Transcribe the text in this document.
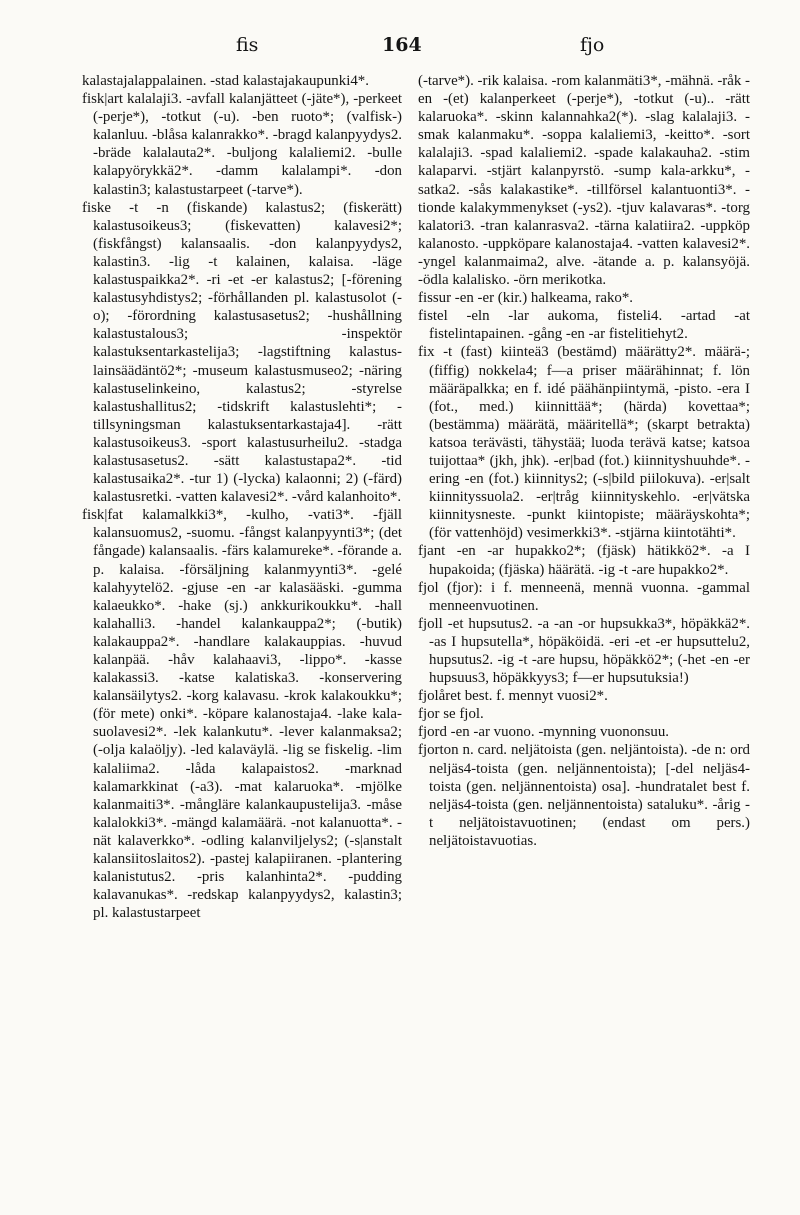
fis	164	fjo

kalastajalappalainen. -stad kalastajakaupunki4*.

fisk|art kalalaji3. -avfall kalanjätteet (-jäte*), -perkeet (-perje*), -totkut (-u). -ben ruoto*; (valfisk-) kalanluu. -blåsa kalanrakko*. -bragd kalanpyydys2. -bräde kalalauta2*. -buljong kalaliemi2. -bulle kalapyörykkä2*. -damm kalalampi*. -don kalastin3; kalastustarpeet (-tarve*).

fiske -t -n (fiskande) kalastus2; (fiskerätt) kalastusoikeus3; (fiskevatten) kalavesi2*; (fiskfångst) kalansaalis. -don kalanpyydys2, kalastin3. -lig -t kalainen, kalaisa. -läge kalastuspaikka2*. -ri -et -er kalastus2; [-förening kalastusyhdistys2; -förhållanden pl. kalastusolot (-o); -förordning kalastusasetus2; -hushållning kalastustalous3; -inspektör kalastuksentarkastelija3; -lagstiftning kalastus-lainsäädäntö2*; -museum kalastusmuseo2; -näring kalastuselinkeino, kalastus2; -styrelse kalastushallitus2; -tidskrift kalastuslehti*; -tillsyningsman kalastuksentarkastaja4]. -rätt kalastusoikeus3. -sport kalastusurheilu2. -stadga kalastusasetus2. -sätt kalastustapa2*. -tid kalastusaika2*. -tur 1) (-lycka) kalaonni; 2) (-färd) kalastusretki. -vatten kalavesi2*. -vård kalanhoito*.

fisk|fat kalamalkki3*, -kulho, -vati3*. -fjäll kalansuomus2, -suomu. -fångst kalanpyynti3*; (det fångade) kalansaalis. -färs kalamureke*. -förande a. p. kalaisa. -försäljning kalanmyynti3*. -gelé kalahyytelö2. -gjuse -en -ar kalasääski. -gumma kalaeukko*. -hake (sj.) ankkurikoukku*. -hall kalahalli3. -handel kalankauppa2*; (-butik) kalakauppa2*. -handlare kalakauppias. -huvud kalanpää. -håv kalahaavi3, -lippo*. -kasse kalakassi3. -katse kalatiska3. -konservering kalansäilytys2. -korg kalavasu. -krok kalakoukku*; (för mete) onki*. -köpare kalanostaja4. -lake kala-suolavesi2*. -lek kalankutu*. -lever kalanmaksa2; (-olja kalaöljy). -led kalaväylä. -lig se fiskelig. -lim kalaliima2. -låda kalapaistos2. -marknad kalamarkkinat (-a3). -mat kalaruoka*. -mjölke kalanmaiti3*. -mångläre kalankaupustelija3. -måse kalalokki3*. -mängd kalamäärä. -not kalanuotta*. -nät kalaverkko*. -odling kalanviljelys2; (-s|anstalt kalansiitoslaitos2). -pastej kalapiiranen. -plantering kalanistutus2. -pris kalanhinta2*. -pudding kalavanukas*. -redskap kalanpyydys2, kalastin3; pl. kalastustarpeet

(-tarve*). -rik kalaisa. -rom kalanmäti3*, -mähnä. -råk -en -(et) kalanperkeet (-perje*), -totkut (-u).. -rätt kalaruoka*. -skinn kalannahka2(*). -slag kalalaji3. -smak kalanmaku*. -soppa kalaliemi3, -keitto*. -sort kalalaji3. -spad kalaliemi2. -spade kalakauha2. -stim kalaparvi. -stjärt kalanpyrstö. -sump kala-arkku*, -satka2. -sås kalakastike*. -tillförsel kalantuonti3*. -tionde kalakymmenykset (-ys2). -tjuv kalavaras*. -torg kalatori3. -tran kalanrasva2. -tärna kalatiira2. -uppköp kalanosto. -uppköpare kalanostaja4. -vatten kalavesi2*. -yngel kalanmaima2, alve. -ätande a. p. kalansyöjä. -ödla kalalisko. -örn merikotka.

fissur -en -er (kir.) halkeama, rako*.

fistel -eln -lar aukoma, fisteli4. -artad -at fistelintapainen. -gång -en -ar fistelitiehyt2.

fix -t (fast) kiinteä3 (bestämd) määrätty2*. määrä-; (fiffig) nokkela4; f—a priser määrähinnat; f. lön määräpalkka; en f. idé päähänpiintymä, -pisto. -era I (fot., med.) kiinnittää*; (härda) kovettaa*; (bestämma) määrätä, määritellä*; (skarpt betrakta) katsoa terävästi, tähystää; luoda terävä katse; katsoa tuijottaa* (jkh, jhk). -er|bad (fot.) kiinnityshuuhde*. -ering -en (fot.) kiinnitys2; (-s|bild piilokuva). -er|salt kiinnityssuola2. -er|tråg kiinnityskehlo. -er|vätska kiinnitysneste. -punkt kiintopiste; määräyskohta*; (för vattenhöjd) vesimerkki3*. -stjärna kiintotähti*.

fjant -en -ar hupakko2*; (fjäsk) hätikkö2*. -a I hupakoida; (fjäska) häärätä. -ig -t -are hupakko2*.

fjol (fjor): i f. menneenä, mennä vuonna. -gammal menneenvuotinen.

fjoll -et hupsutus2. -a -an -or hupsukka3*, höpäkkä2*. -as I hupsutella*, höpäköidä. -eri -et -er hupsuttelu2, hupsutus2. -ig -t -are hupsu, höpäkkö2*; (-het -en -er hupsuus3, höpäkkyys3; f—er hupsutuksia!)

fjolåret best. f. mennyt vuosi2*.

fjor se fjol.

fjord -en -ar vuono. -mynning vuononsuu.

fjorton n. card. neljätoista (gen. neljäntoista). -de n: ord neljäs4-toista (gen. neljännentoista); [-del neljäs4-toista (gen. neljännentoista) osa]. -hundratalet best f. neljäs4-toista (gen. neljännentoista) sataluku*. -årig -t neljätoistavuotinen; (endast om pers.) neljätoistavuotias.
